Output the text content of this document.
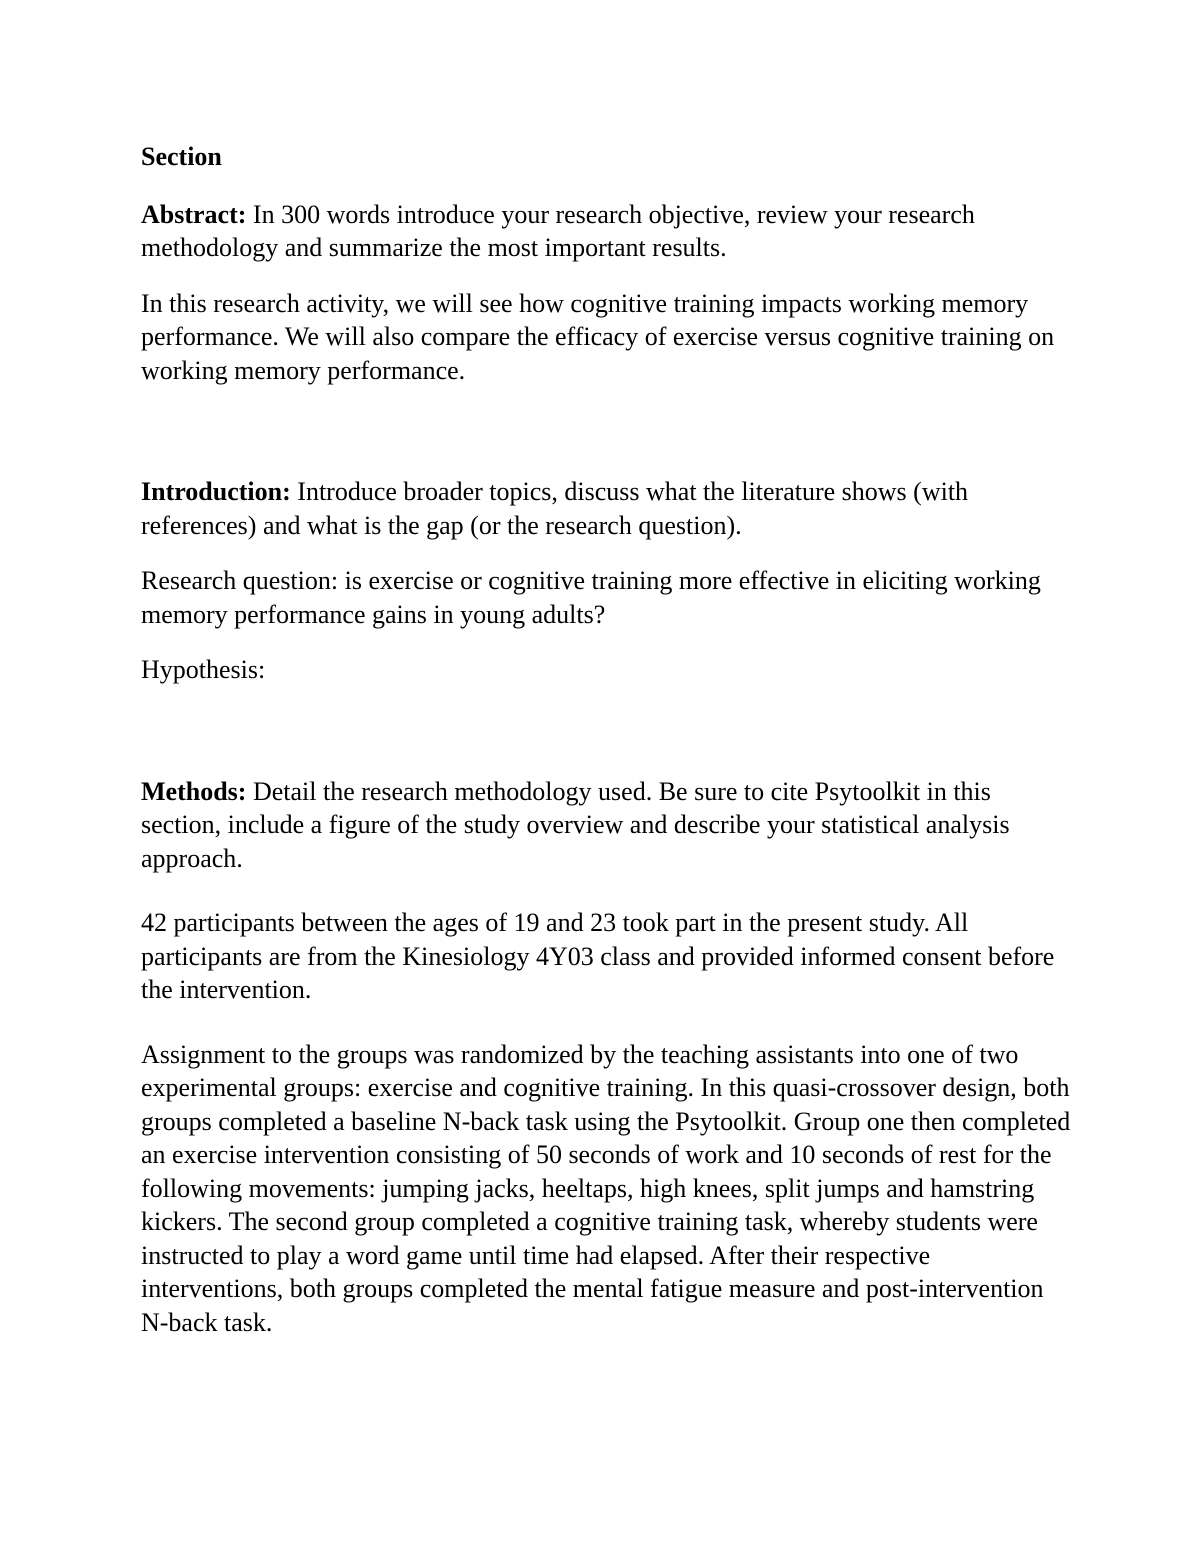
Section

Abstract: In 300 words introduce your research objective, review your research methodology and summarize the most important results.

In this research activity, we will see how cognitive training impacts working memory performance. We will also compare the efficacy of exercise versus cognitive training on working memory performance.

Introduction: Introduce broader topics, discuss what the literature shows (with references) and what is the gap (or the research question).

Research question: is exercise or cognitive training more effective in eliciting working memory performance gains in young adults?

Hypothesis:

Methods: Detail the research methodology used. Be sure to cite Psytoolkit in this section, include a figure of the study overview and describe your statistical analysis approach.

42 participants between the ages of 19 and 23 took part in the present study. All participants are from the Kinesiology 4Y03 class and provided informed consent before the intervention.

Assignment to the groups was randomized by the teaching assistants into one of two experimental groups: exercise and cognitive training. In this quasi-crossover design, both groups completed a baseline N-back task using the Psytoolkit. Group one then completed an exercise intervention consisting of 50 seconds of work and 10 seconds of rest for the following movements: jumping jacks, heeltaps, high knees, split jumps and hamstring kickers. The second group completed a cognitive training task, whereby students were instructed to play a word game until time had elapsed. After their respective interventions, both groups completed the mental fatigue measure and post-intervention N-back task.
